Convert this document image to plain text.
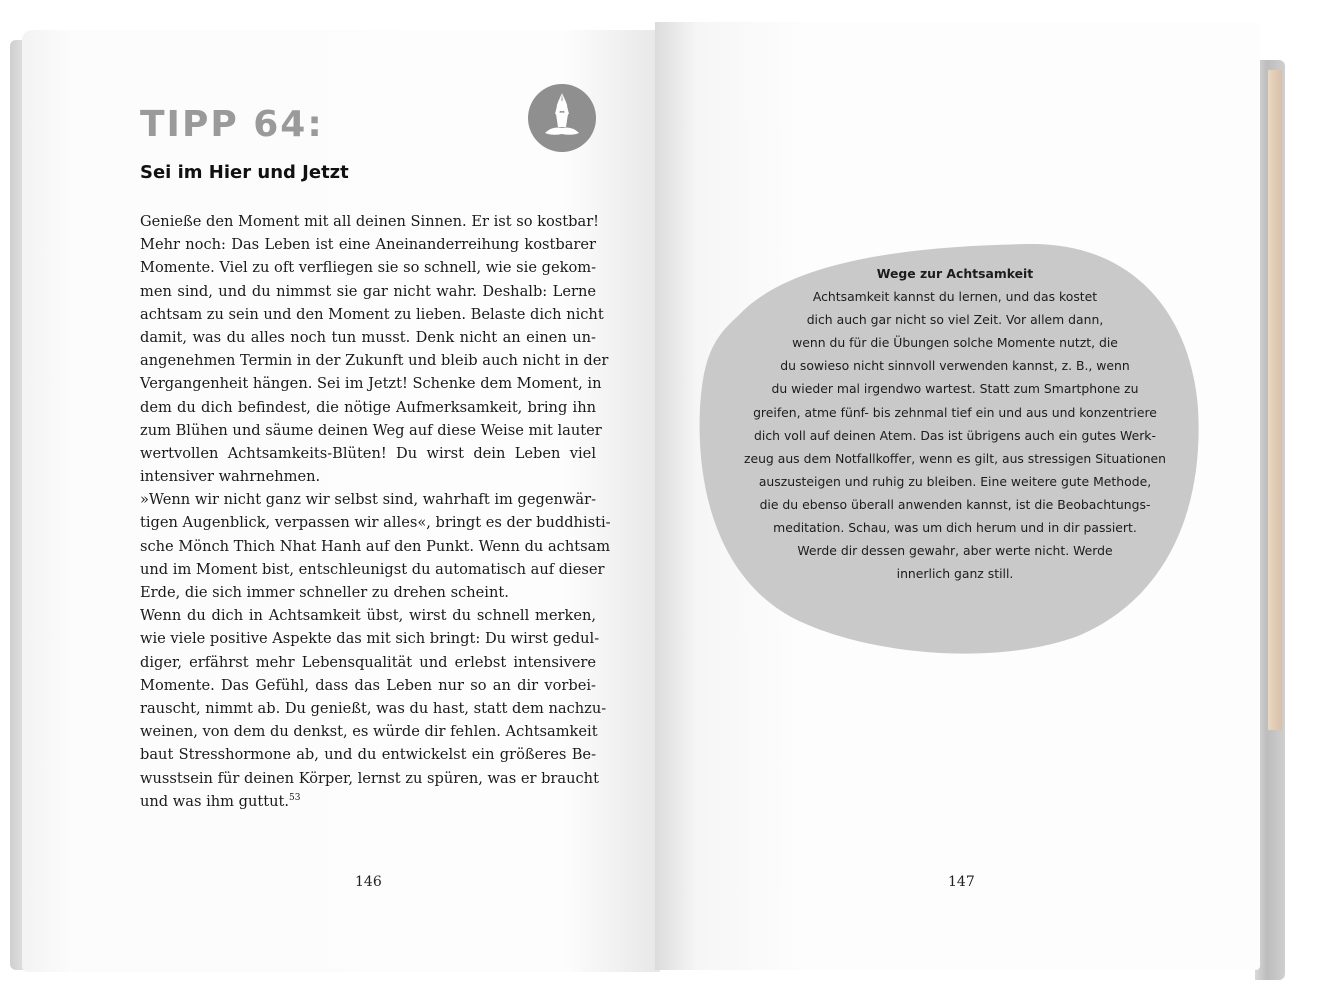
TIPP 64:
Sei im Hier und Jetzt
Genieße den Moment mit all deinen Sinnen. Er ist so kostbar!
Mehr noch: Das Leben ist eine Aneinanderreihung kostbarer
Momente. Viel zu oft verfliegen sie so schnell, wie sie gekom-
men sind, und du nimmst sie gar nicht wahr. Deshalb: Lerne
achtsam zu sein und den Moment zu lieben. Belaste dich nicht
damit, was du alles noch tun musst. Denk nicht an einen un-
angenehmen Termin in der Zukunft und bleib auch nicht in der
Vergangenheit hängen. Sei im Jetzt! Schenke dem Moment, in
dem du dich befindest, die nötige Aufmerksamkeit, bring ihn
zum Blühen und säume deinen Weg auf diese Weise mit lauter
wertvollen Achtsamkeits-Blüten! Du wirst dein Leben viel
intensiver wahrnehmen.
»Wenn wir nicht ganz wir selbst sind, wahrhaft im gegenwär-
tigen Augenblick, verpassen wir alles«, bringt es der buddhisti-
sche Mönch Thich Nhat Hanh auf den Punkt. Wenn du achtsam
und im Moment bist, entschleunigst du automatisch auf dieser
Erde, die sich immer schneller zu drehen scheint.
Wenn du dich in Achtsamkeit übst, wirst du schnell merken,
wie viele positive Aspekte das mit sich bringt: Du wirst gedul-
diger, erfährst mehr Lebensqualität und erlebst intensivere
Momente. Das Gefühl, dass das Leben nur so an dir vorbei-
rauscht, nimmt ab. Du genießt, was du hast, statt dem nachzu-
weinen, von dem du denkst, es würde dir fehlen. Achtsamkeit
baut Stresshormone ab, und du entwickelst ein größeres Be-
wusstsein für deinen Körper, lernst zu spüren, was er braucht
und was ihm guttut.$^{53}$
146
Wege zur Achtsamkeit
Achtsamkeit kannst du lernen, und das kostet
dich auch gar nicht so viel Zeit. Vor allem dann,
wenn du für die Übungen solche Momente nutzt, die
du sowieso nicht sinnvoll verwenden kannst, z. B., wenn
du wieder mal irgendwo wartest. Statt zum Smartphone zu
greifen, atme fünf- bis zehnmal tief ein und aus und konzentriere
dich voll auf deinen Atem. Das ist übrigens auch ein gutes Werk-
zeug aus dem Notfallkoffer, wenn es gilt, aus stressigen Situationen
auszusteigen und ruhig zu bleiben. Eine weitere gute Methode,
die du ebenso überall anwenden kannst, ist die Beobachtungs-
meditation. Schau, was um dich herum und in dir passiert.
Werde dir dessen gewahr, aber werte nicht. Werde
innerlich ganz still.
147
